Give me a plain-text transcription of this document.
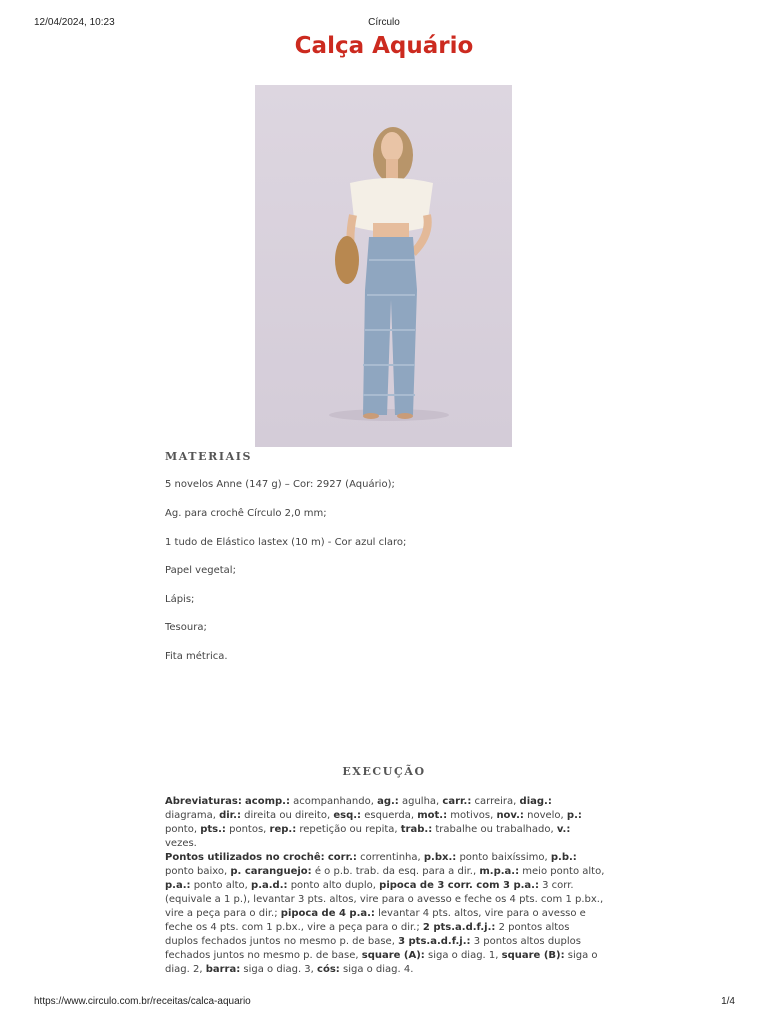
12/04/2024, 10:23	Círculo
Calça Aquário
MATERIAIS
5 novelos Anne (147 g) – Cor: 2927 (Aquário);
Ag. para crochê Círculo 2,0 mm;
1 tudo de Elástico lastex (10 m) - Cor azul claro;
Papel vegetal;
Lápis;
Tesoura;
Fita métrica.
EXECUÇÃO

Abreviaturas: acomp.: acompanhando, ag.: agulha, carr.: carreira, diag.: diagrama, dir.: direita ou direito, esq.: esquerda, mot.: motivos, nov.: novelo, p.: ponto, pts.: pontos, rep.: repetição ou repita, trab.: trabalhe ou trabalhado, v.: vezes.

Pontos utilizados no crochê: corr.: correntinha, p.bx.: ponto baixíssimo, p.b.: ponto baixo, p. caranguejo: é o p.b. trab. da esq. para a dir., m.p.a.: meio ponto alto, p.a.: ponto alto, p.a.d.: ponto alto duplo, pipoca de 3 corr. com 3 p.a.: 3 corr. (equivale a 1 p.), levantar 3 pts. altos, vire para o avesso e feche os 4 pts. com 1 p.bx., vire a peça para o dir.; pipoca de 4 p.a.: levantar 4 pts. altos, vire para o avesso e feche os 4 pts. com 1 p.bx., vire a peça para o dir.; 2 pts.a.d.f.j.: 2 pontos altos duplos fechados juntos no mesmo p. de base, 3 pts.a.d.f.j.: 3 pontos altos duplos fechados juntos no mesmo p. de base, square (A): siga o diag. 1, square (B): siga o diag. 2, barra: siga o diag. 3, cós: siga o diag. 4.

https://www.circulo.com.br/receitas/calca-aquario	1/4
